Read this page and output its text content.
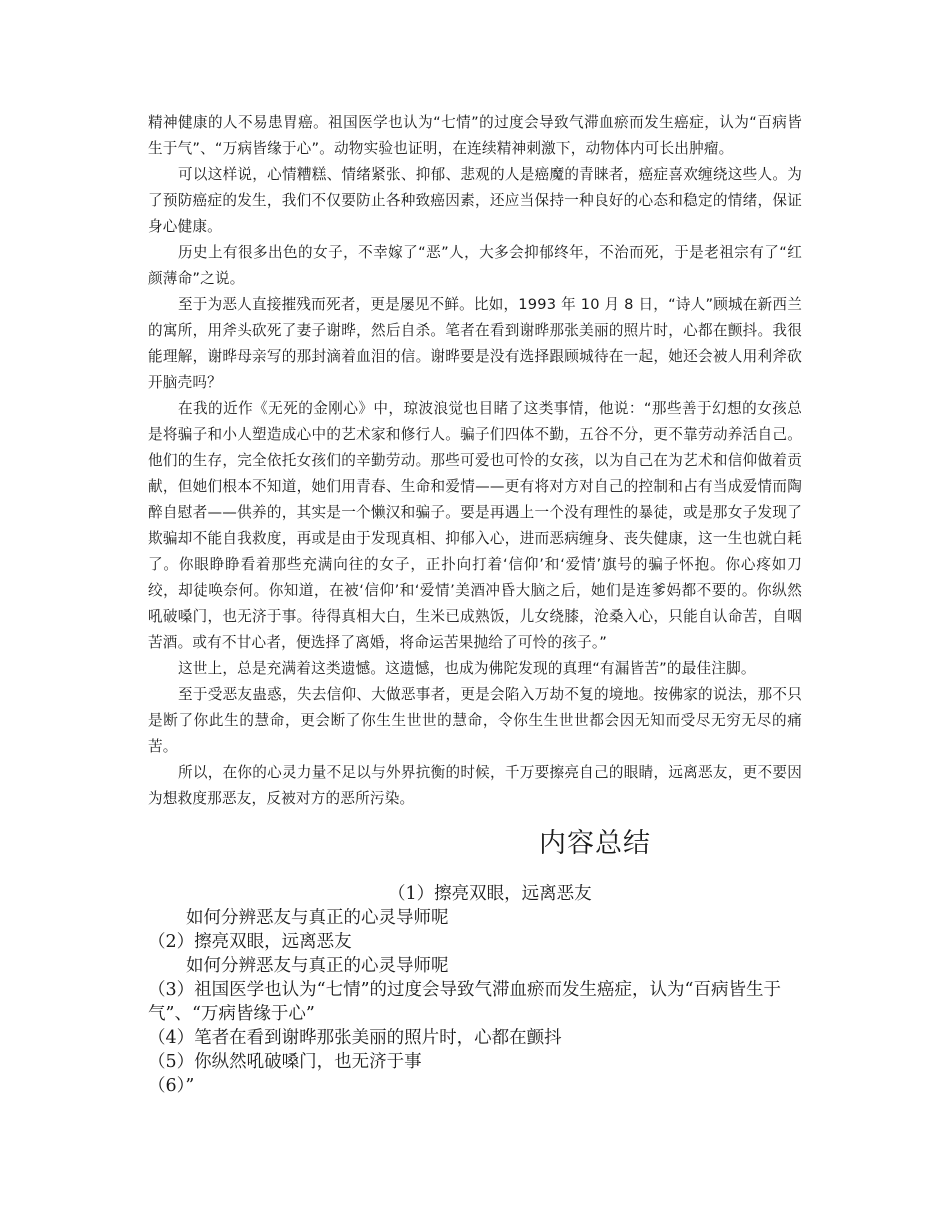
精神健康的人不易患胃癌。祖国医学也认为“七情”的过度会导致气滞血瘀而发生癌症，认为“百病皆生于气”、“万病皆缘于心”。动物实验也证明，在连续精神刺激下，动物体内可长出肿瘤。

可以这样说，心情糟糕、情绪紧张、抑郁、悲观的人是癌魔的青睐者，癌症喜欢缠绕这些人。为了预防癌症的发生，我们不仅要防止各种致癌因素，还应当保持一种良好的心态和稳定的情绪，保证身心健康。

历史上有很多出色的女子，不幸嫁了“恶”人，大多会抑郁终年，不治而死，于是老祖宗有了“红颜薄命”之说。

至于为恶人直接摧残而死者，更是屡见不鲜。比如，1993 年 10 月 8 日，“诗人”顾城在新西兰的寓所，用斧头砍死了妻子谢晔，然后自杀。笔者在看到谢晔那张美丽的照片时，心都在颤抖。我很能理解，谢晔母亲写的那封滴着血泪的信。谢晔要是没有选择跟顾城待在一起，她还会被人用利斧砍开脑壳吗？

在我的近作《无死的金刚心》中，琼波浪觉也目睹了这类事情，他说：“那些善于幻想的女孩总是将骗子和小人塑造成心中的艺术家和修行人。骗子们四体不勤，五谷不分，更不靠劳动养活自己。他们的生存，完全依托女孩们的辛勤劳动。那些可爱也可怜的女孩，以为自己在为艺术和信仰做着贡献，但她们根本不知道，她们用青春、生命和爱情——更有将对方对自己的控制和占有当成爱情而陶醉自慰者——供养的，其实是一个懒汉和骗子。要是再遇上一个没有理性的暴徒，或是那女子发现了欺骗却不能自我救度，再或是由于发现真相、抑郁入心，进而恶病缠身、丧失健康，这一生也就白耗了。你眼睁睁看着那些充满向往的女子，正扑向打着‘信仰’和‘爱情’旗号的骗子怀抱。你心疼如刀绞，却徒唤奈何。你知道，在被‘信仰’和‘爱情’美酒冲昏大脑之后，她们是连爹妈都不要的。你纵然吼破嗓门，也无济于事。待得真相大白，生米已成熟饭，儿女绕膝，沧桑入心，只能自认命苦，自咽苦酒。或有不甘心者，便选择了离婚，将命运苦果抛给了可怜的孩子。”

这世上，总是充满着这类遗憾。这遗憾，也成为佛陀发现的真理“有漏皆苦”的最佳注脚。

至于受恶友蛊惑，失去信仰、大做恶事者，更是会陷入万劫不复的境地。按佛家的说法，那不只是断了你此生的慧命，更会断了你生生世世的慧命，令你生生世世都会因无知而受尽无穷无尽的痛苦。

所以，在你的心灵力量不足以与外界抗衡的时候，千万要擦亮自己的眼睛，远离恶友，更不要因为想救度那恶友，反被对方的恶所污染。

内容总结
（1）擦亮双眼，远离恶友
如何分辨恶友与真正的心灵导师呢
（2）擦亮双眼，远离恶友
如何分辨恶友与真正的心灵导师呢
（3）祖国医学也认为“七情”的过度会导致气滞血瘀而发生癌症，认为“百病皆生于气”、“万病皆缘于心”
（4）笔者在看到谢晔那张美丽的照片时，心都在颤抖
（5）你纵然吼破嗓门，也无济于事
（6）”
